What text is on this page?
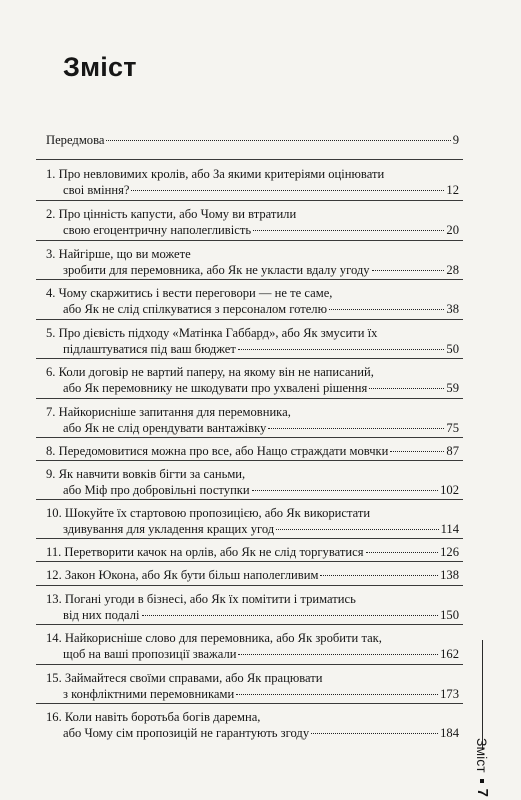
Зміст
Передмова	9
1. Про невловимих кролів, або За якими критеріями оцінювати
своі вміння?	12
2. Про цінність капусти, або Чому ви втратили
свою егоцентричну наполегливість	20
3. Найгірше, що ви можете
зробити для перемовника, або Як не укласти вдалу угоду	28
4. Чому скаржитись і вести переговори — не те саме,
або Як не слід спілкуватися з персоналом готелю	38
5. Про дієвість підходу «Матінка Габбард», або Як змусити їх
підлаштуватися під ваш бюджет	50
6. Коли договір не вартий паперу, на якому він не написаний,
або Як перемовнику не шкодувати про ухвалені рішення	59
7. Найкорисніше запитання для перемовника,
або Як не слід орендувати вантажівку	75
8. Передомовитися можна про все, або Нащо страждати мовчки	87
9. Як навчити вовків бігти за саньми,
або Міф про добровільні поступки	102
10. Шокуйте їх стартовою пропозицією, або Як використати
здивування для укладення кращих угод	114
11. Перетворити качок на орлів, або Як не слід торгуватися	126
12. Закон Юкона, або Як бути більш наполегливим	138
13. Погані угоди в бізнесі, або Як їх помітити і триматись
від них подалі	150
14. Найкорисніше слово для перемовника, або Як зробити так,
щоб на ваші пропозиції зважали	162
15. Займайтеся своїми справами, або Як працювати
з конфліктними перемовниками	173
16. Коли навіть боротьба богів даремна,
або Чому сім пропозицій не гарантують згоду	184
Зміст
7
